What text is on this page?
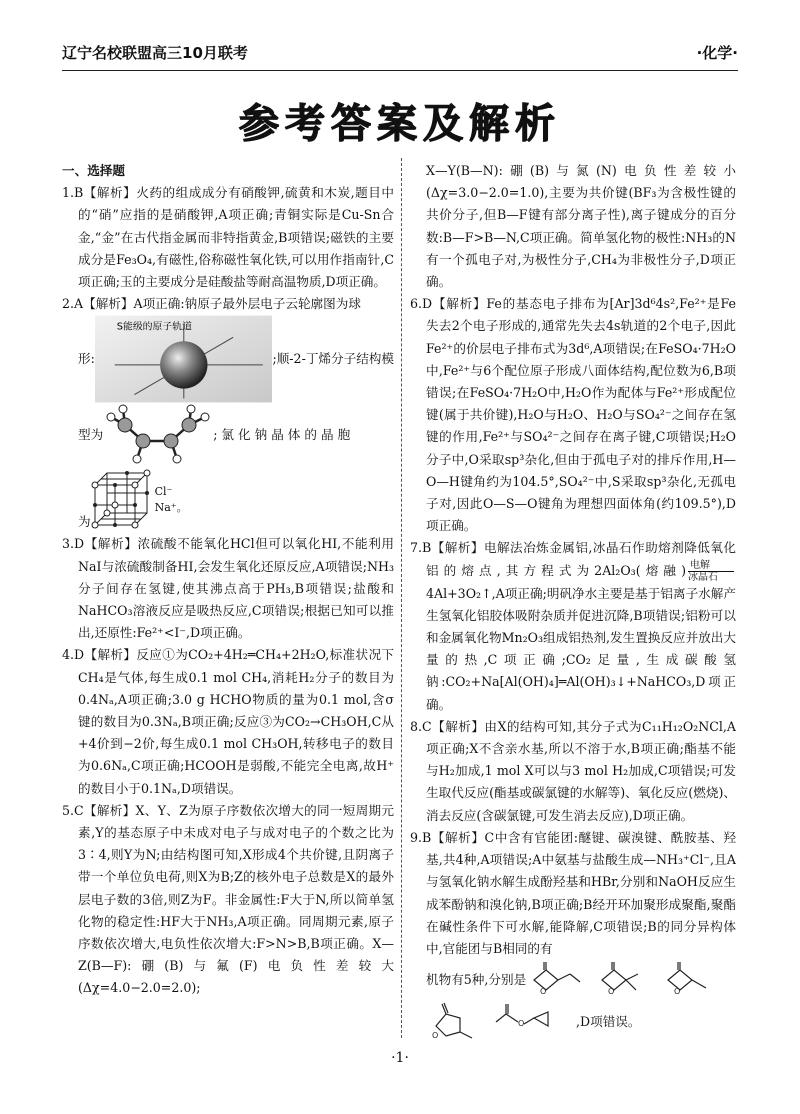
辽宁名校联盟高三10月联考	·化学·
参考答案及解析

一、选择题

1.B【解析】火药的组成成分有硝酸钾,硫黄和木炭,题目中的“硝”应指的是硝酸钾,A项正确;青铜实际是Cu-Sn合金,“金”在古代指金属而非特指黄金,B项错误;磁铁的主要成分是Fe₃O₄,有磁性,俗称磁性氧化铁,可以用作指南针,C项正确;玉的主要成分是硅酸盐等耐高温物质,D项正确。

2.A【解析】A项正确:钠原子最外层电子云轮廓图为球

形:
S能级的原子轨道
;顺-2-丁烯分子结构模
型为	;氯化钠晶体的晶胞
为
Cl⁻
Na⁺。

3.D【解析】浓硫酸不能氧化HCl但可以氧化HI,不能利用NaI与浓硫酸制备HI,会发生氧化还原反应,A项错误;NH₃分子间存在氢键,使其沸点高于PH₃,B项错误;盐酸和NaHCO₃溶液反应是吸热反应,C项错误;根据已知可以推出,还原性:Fe²⁺<I⁻,D项正确。

4.D【解析】反应①为CO₂+4H₂═CH₄+2H₂O,标准状况下CH₄是气体,每生成0.1 mol CH₄,消耗H₂分子的数目为0.4Nₐ,A项正确;3.0 g HCHO物质的量为0.1 mol,含σ键的数目为0.3Nₐ,B项正确;反应③为CO₂→CH₃OH,C从+4价到−2价,每生成0.1 mol CH₃OH,转移电子的数目为0.6Nₐ,C项正确;HCOOH是弱酸,不能完全电离,故H⁺的数目小于0.1Nₐ,D项错误。

5.C【解析】X、Y、Z为原子序数依次增大的同一短周期元素,Y的基态原子中未成对电子与成对电子的个数之比为3∶4,则Y为N;由结构图可知,X形成4个共价键,且阴离子带一个单位负电荷,则X为B;Z的核外电子总数是X的最外层电子数的3倍,则Z为F。非金属性:F大于N,所以简单氢化物的稳定性:HF大于NH₃,A项正确。同周期元素,原子序数依次增大,电负性依次增大:F>N>B,B项正确。X—Z(B—F):硼(B)与氟(F)电负性差较大(Δχ=4.0−2.0=2.0);

X—Y(B—N):硼(B)与氮(N)电负性差较小(Δχ=3.0−2.0=1.0),主要为共价键(BF₃为含极性键的共价分子,但B—F键有部分离子性),离子键成分的百分数:B—F>B—N,C项正确。简单氢化物的极性:NH₃的N有一个孤电子对,为极性分子,CH₄为非极性分子,D项正确。

6.D【解析】Fe的基态电子排布为[Ar]3d⁶4s²,Fe²⁺是Fe失去2个电子形成的,通常先失去4s轨道的2个电子,因此Fe²⁺的价层电子排布式为3d⁶,A项错误;在FeSO₄·7H₂O中,Fe²⁺与6个配位原子形成八面体结构,配位数为6,B项错误;在FeSO₄·7H₂O中,H₂O作为配体与Fe²⁺形成配位键(属于共价键),H₂O与H₂O、H₂O与SO₄²⁻之间存在氢键的作用,Fe²⁺与SO₄²⁻之间存在离子键,C项错误;H₂O分子中,O采取sp³杂化,但由于孤电子对的排斥作用,H—O—H键角约为104.5°,SO₄²⁻中,S采取sp³杂化,无孤电子对,因此O—S—O键角为理想四面体角(约109.5°),D项正确。

7.B【解析】电解法冶炼金属铝,冰晶石作助熔剂降低氧化铝的熔点,其方程式为2Al₂O₃(熔融) 电解
冰晶石
4Al+3O₂↑,A项正确;明矾净水主要是基于铝离子水解产生氢氧化铝胶体吸附杂质并促进沉降,B项错误;铝粉可以和金属氧化物Mn₂O₃组成铝热剂,发生置换反应并放出大量的热,C项正确;CO₂足量,生成碳酸氢钠:CO₂+Na[Al(OH)₄]═Al(OH)₃↓+NaHCO₃,D项正确。

8.C【解析】由X的结构可知,其分子式为C₁₁H₁₂O₂NCl,A项正确;X不含亲水基,所以不溶于水,B项正确;酯基不能与H₂加成,1 mol X可以与3 mol H₂加成,C项错误;可发生取代反应(酯基或碳氯键的水解等)、氧化反应(燃烧)、消去反应(含碳氯键,可发生消去反应),D项正确。

9.B【解析】C中含有官能团:醚键、碳溴键、酰胺基、羟基,共4种,A项错误;A中氨基与盐酸生成—NH₃⁺Cl⁻,且A与氢氧化钠水解生成酚羟基和HBr,分别和NaOH反应生成苯酚钠和溴化钠,B项正确;B经开环加聚形成聚酯,聚酯在碱性条件下可水解,能降解,C项错误;B的同分异构体中,官能团与B相同的有

机物有5种,分别是
O	O	O
O
O	,D项错误。
·1·
